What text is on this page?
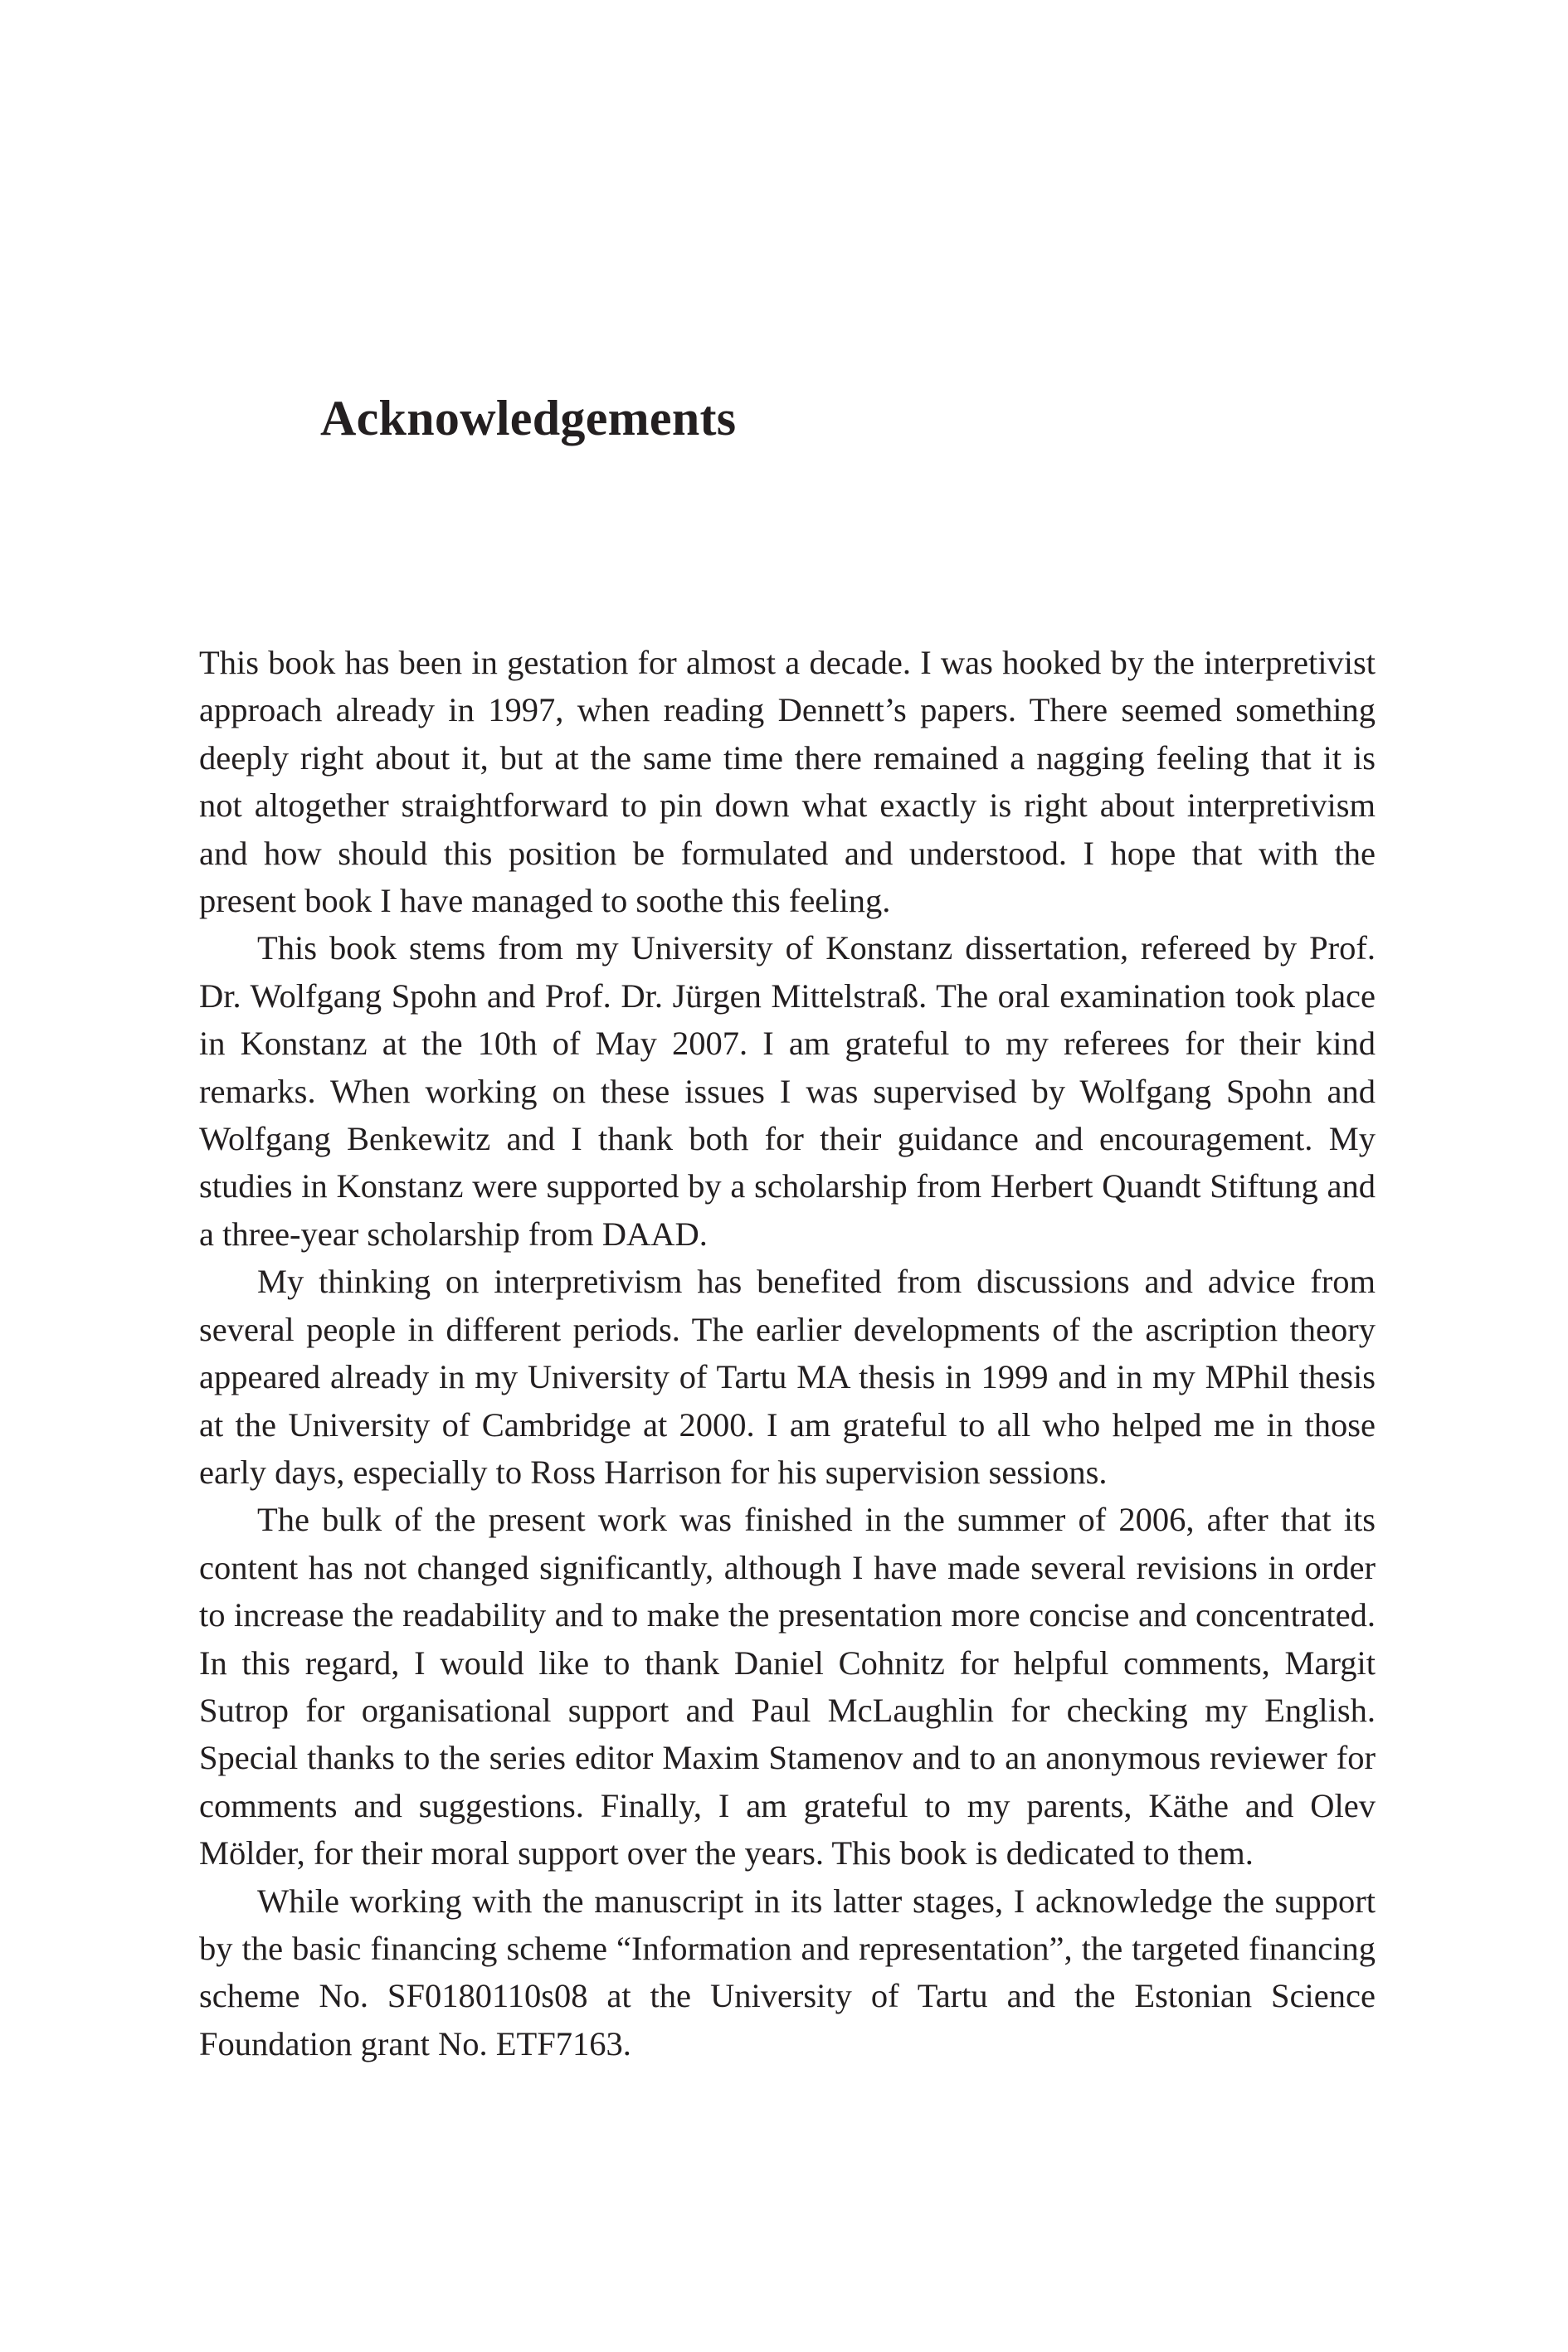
Acknowledgements

This book has been in gestation for almost a decade. I was hooked by the interpretivist approach already in 1997, when reading Dennett’s papers. There seemed something deeply right about it, but at the same time there remained a nagging feeling that it is not altogether straightforward to pin down what exactly is right about interpretivism and how should this position be formulated and understood. I hope that with the present book I have managed to soothe this feeling.

This book stems from my University of Konstanz dissertation, refereed by Prof. Dr. Wolfgang Spohn and Prof. Dr. Jürgen Mittelstraß. The oral examination took place in Konstanz at the 10th of May 2007. I am grateful to my referees for their kind remarks. When working on these issues I was supervised by Wolfgang Spohn and Wolfgang Benkewitz and I thank both for their guidance and encouragement. My studies in Konstanz were supported by a scholarship from Herbert Quandt Stiftung and a three-year scholarship from DAAD.

My thinking on interpretivism has benefited from discussions and advice from several people in different periods. The earlier developments of the ascription theory appeared already in my University of Tartu MA thesis in 1999 and in my MPhil thesis at the University of Cambridge at 2000. I am grateful to all who helped me in those early days, especially to Ross Harrison for his supervision sessions.

The bulk of the present work was finished in the summer of 2006, after that its content has not changed significantly, although I have made several revisions in order to increase the readability and to make the presentation more concise and concentrated. In this regard, I would like to thank Daniel Cohnitz for helpful comments, Margit Sutrop for organisational support and Paul McLaughlin for checking my English. Special thanks to the series editor Maxim Stamenov and to an anonymous reviewer for comments and suggestions. Finally, I am grateful to my parents, Käthe and Olev Mölder, for their moral support over the years. This book is dedicated to them.

While working with the manuscript in its latter stages, I acknowledge the support by the basic financing scheme “Information and representation”, the targeted financing scheme No. SF0180110s08 at the University of Tartu and the Estonian Science Foundation grant No. ETF7163.
